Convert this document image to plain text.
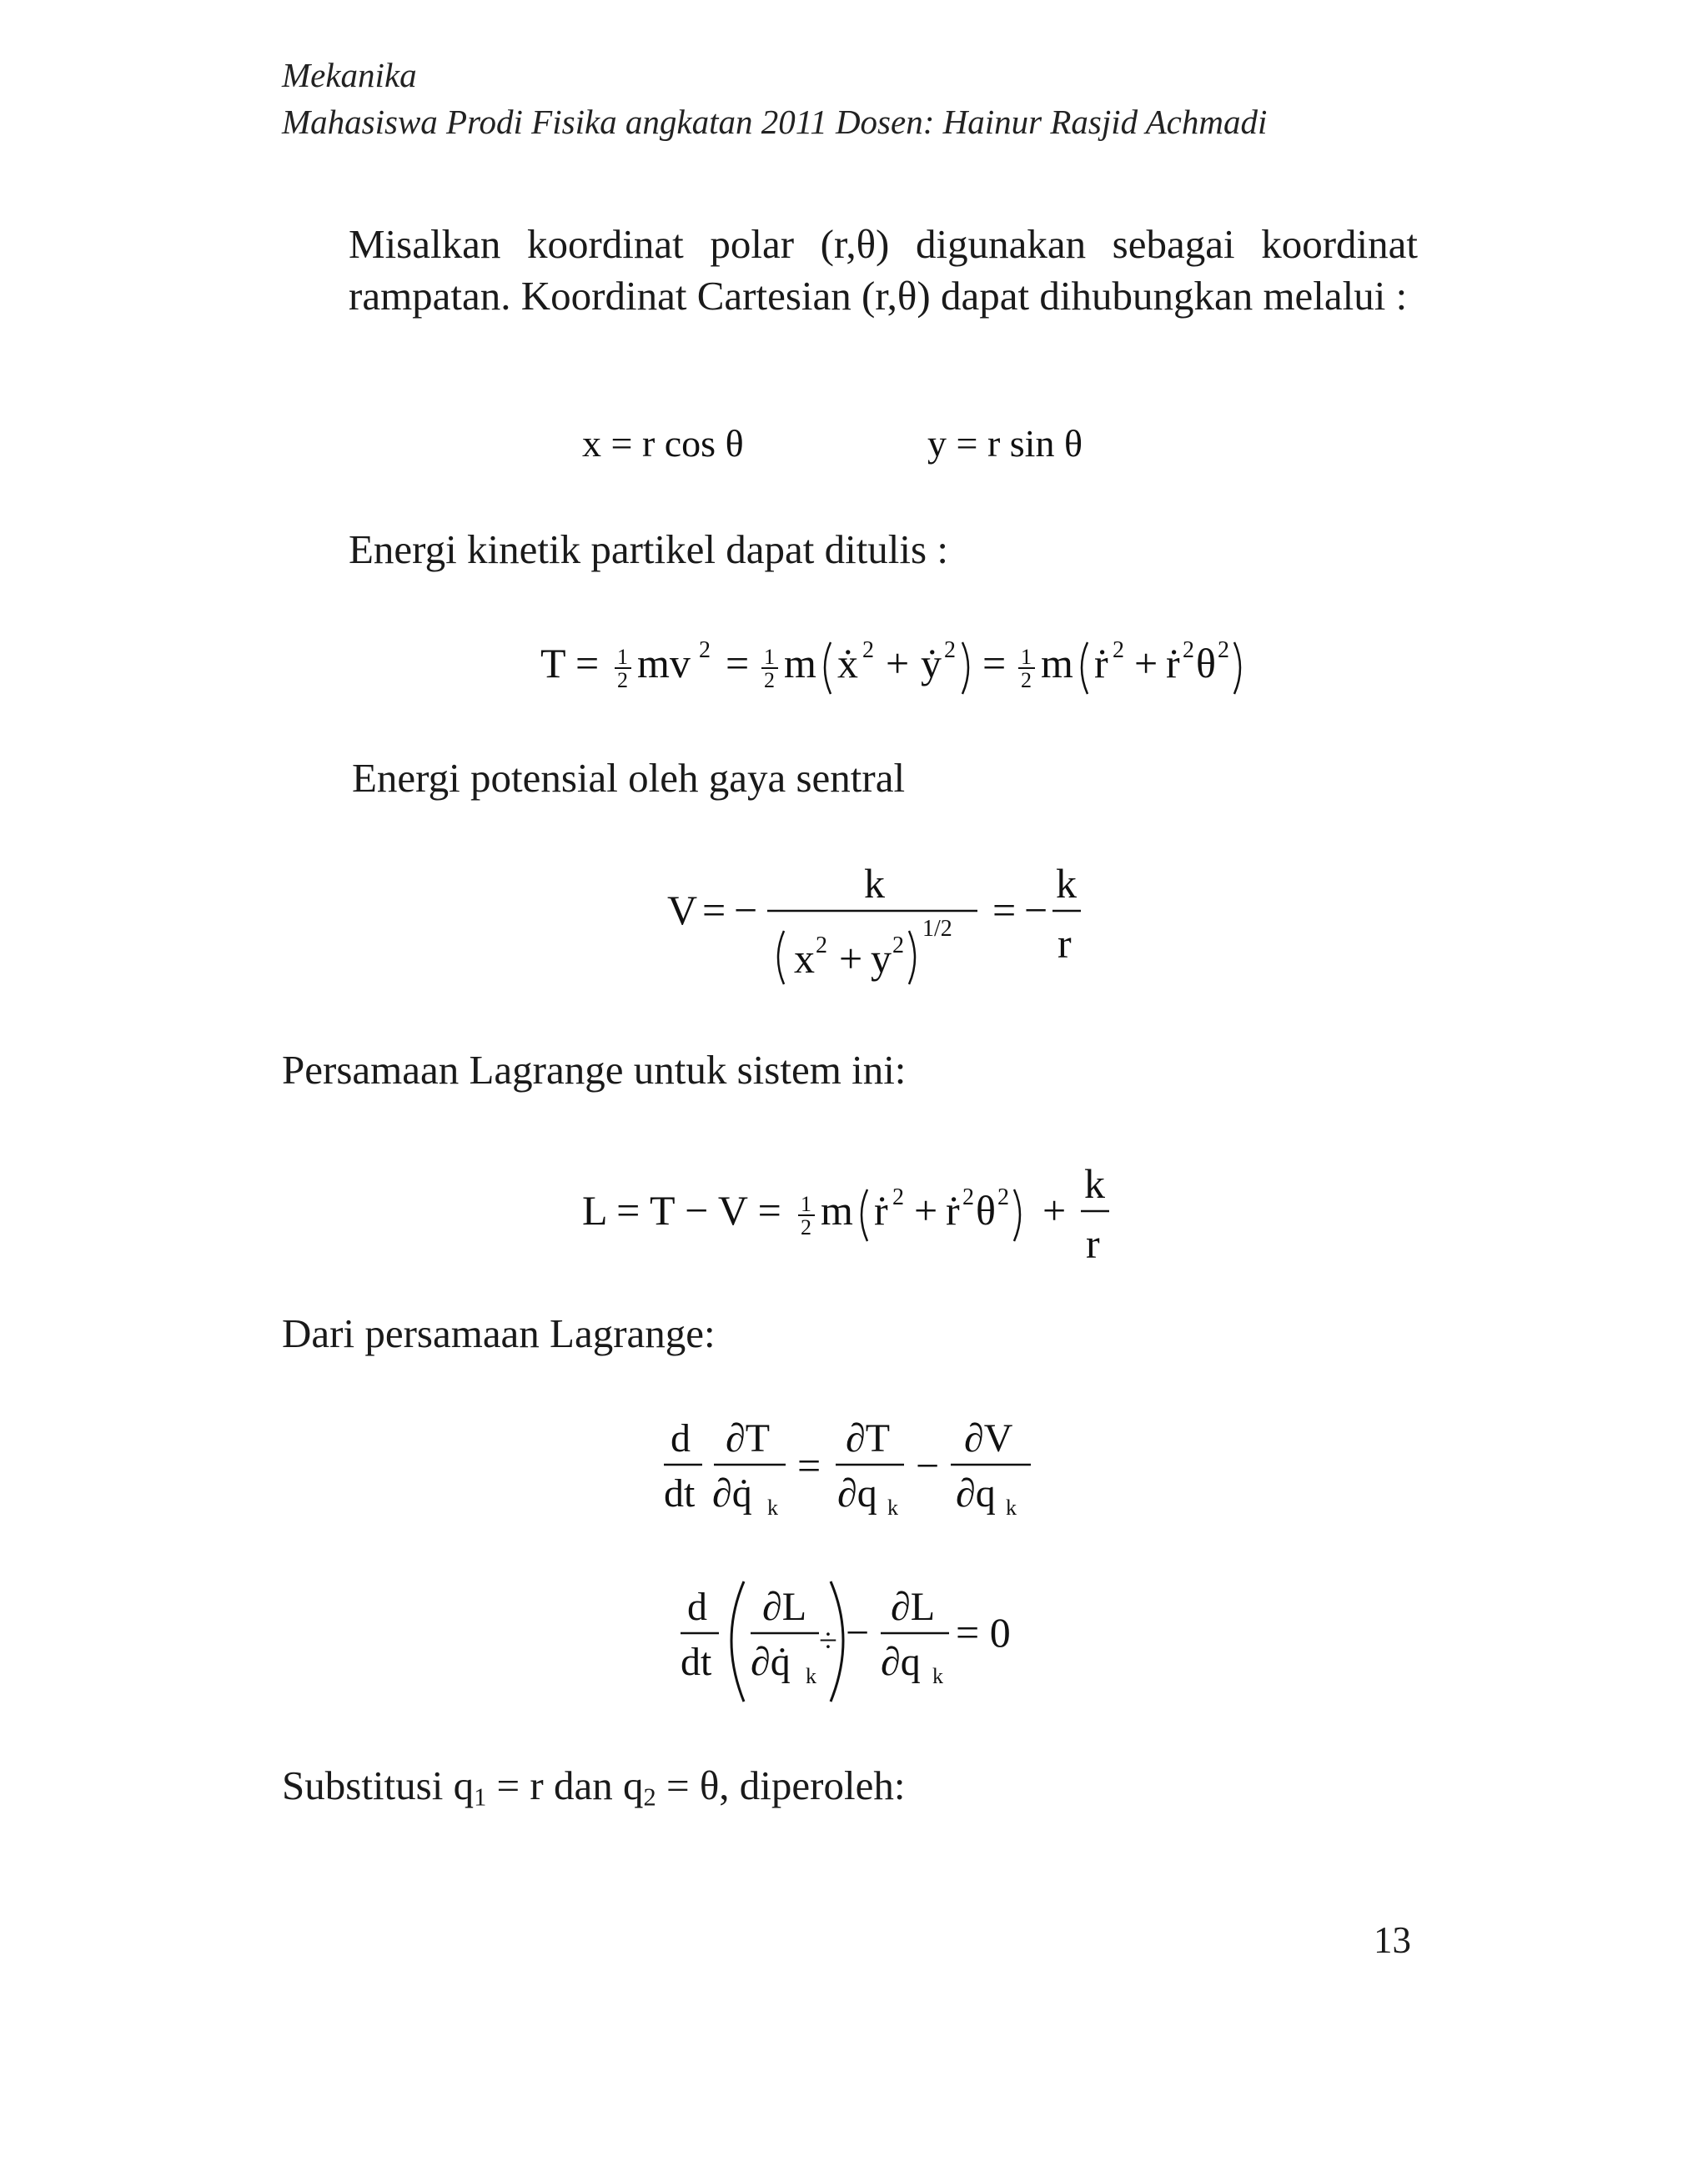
Mekanika
Mahasiswa Prodi Fisika angkatan 2011 Dosen: Hainur Rasjid Achmadi
Misalkan koordinat polar (r,θ) digunakan sebagai koordinat rampatan. Koordinat Cartesian (r,θ) dapat dihubungkan melalui :
x = r cos θ	y = r sin θ
Energi kinetik partikel dapat ditulis :
T = 1
2 mv 2 = 1
2 m ẋ 2 + ẏ 2 = 1
2 m ṙ 2 + ṙ 2 θ 2
Energi potensial oleh gaya sentral
V = −
k
x 2 + y 2
1/2 = −
k
r
Persamaan Lagrange untuk sistem ini:
L = T − V = 1
2 m ṙ 2 + ṙ 2 θ 2 +
k
r
Dari persamaan Lagrange:
d
dt
∂T
∂q̇ k
=
∂T
∂q k
−
∂V
∂q k
d
dt
∂L
∂q̇ k
÷ −
∂L
∂q k
= 0
Substitusi $q_1 = r$ dan $q_2 = \theta$, diperoleh:
13
